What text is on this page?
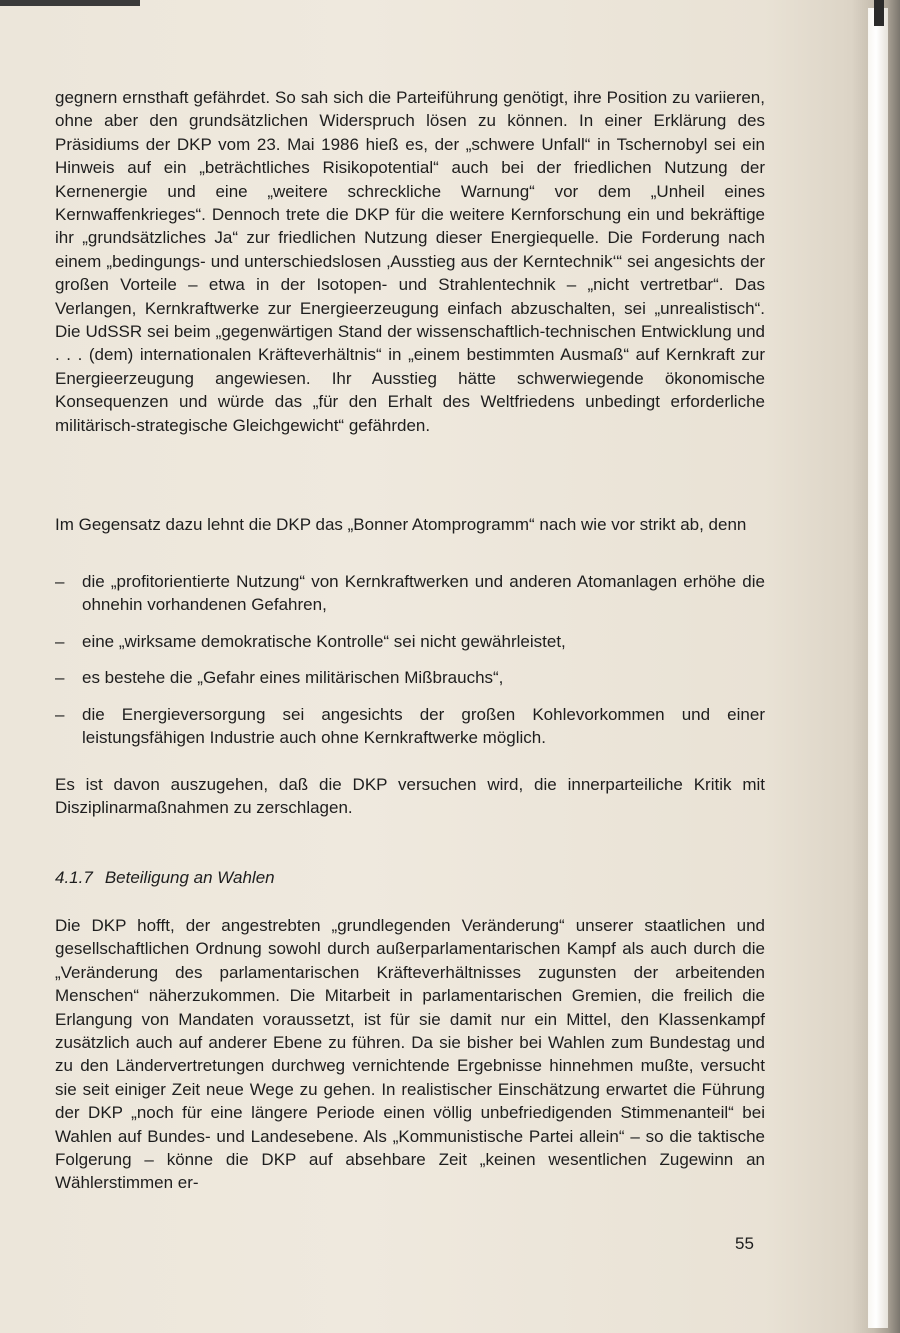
gegnern ernsthaft gefährdet. So sah sich die Parteiführung genötigt, ihre Position zu variieren, ohne aber den grundsätzlichen Widerspruch lösen zu können. In einer Erklärung des Präsidiums der DKP vom 23. Mai 1986 hieß es, der „schwere Unfall“ in Tschernobyl sei ein Hinweis auf ein „beträchtliches Risikopotential“ auch bei der friedlichen Nutzung der Kernenergie und eine „weitere schreckliche Warnung“ vor dem „Unheil eines Kernwaffenkrieges“. Dennoch trete die DKP für die weitere Kernforschung ein und bekräftige ihr „grundsätzliches Ja“ zur friedlichen Nutzung dieser Energiequelle. Die Forderung nach einem „bedingungs- und unterschiedslosen ‚Ausstieg aus der Kerntechnik‘“ sei angesichts der großen Vorteile – etwa in der Isotopen- und Strahlentechnik – „nicht vertretbar“. Das Verlangen, Kernkraftwerke zur Energieerzeugung einfach abzuschalten, sei „unrealistisch“. Die UdSSR sei beim „gegenwärtigen Stand der wissenschaftlich-technischen Entwicklung und . . . (dem) internationalen Kräfteverhältnis“ in „einem bestimmten Ausmaß“ auf Kernkraft zur Energieerzeugung angewiesen. Ihr Ausstieg hätte schwerwiegende ökonomische Konsequenzen und würde das „für den Erhalt des Weltfriedens unbedingt erforderliche militärisch-strategische Gleichgewicht“ gefährden.

Im Gegensatz dazu lehnt die DKP das „Bonner Atomprogramm“ nach wie vor strikt ab, denn

– die „profitorientierte Nutzung“ von Kernkraftwerken und anderen Atomanlagen erhöhe die ohnehin vorhandenen Gefahren,
– eine „wirksame demokratische Kontrolle“ sei nicht gewährleistet,
– es bestehe die „Gefahr eines militärischen Mißbrauchs“,
– die Energieversorgung sei angesichts der großen Kohlevorkommen und einer leistungsfähigen Industrie auch ohne Kernkraftwerke möglich.

Es ist davon auszugehen, daß die DKP versuchen wird, die innerparteiliche Kritik mit Disziplinarmaßnahmen zu zerschlagen.

4.1.7 Beteiligung an Wahlen

Die DKP hofft, der angestrebten „grundlegenden Veränderung“ unserer staatlichen und gesellschaftlichen Ordnung sowohl durch außerparlamentarischen Kampf als auch durch die „Veränderung des parlamentarischen Kräfteverhältnisses zugunsten der arbeitenden Menschen“ näherzukommen. Die Mitarbeit in parlamentarischen Gremien, die freilich die Erlangung von Mandaten voraussetzt, ist für sie damit nur ein Mittel, den Klassenkampf zusätzlich auch auf anderer Ebene zu führen. Da sie bisher bei Wahlen zum Bundestag und zu den Ländervertretungen durchweg vernichtende Ergebnisse hinnehmen mußte, versucht sie seit einiger Zeit neue Wege zu gehen. In realistischer Einschätzung erwartet die Führung der DKP „noch für eine längere Periode einen völlig unbefriedigenden Stimmenanteil“ bei Wahlen auf Bundes- und Landesebene. Als „Kommunistische Partei allein“ – so die taktische Folgerung – könne die DKP auf absehbare Zeit „keinen wesentlichen Zugewinn an Wählerstimmen er-

55
